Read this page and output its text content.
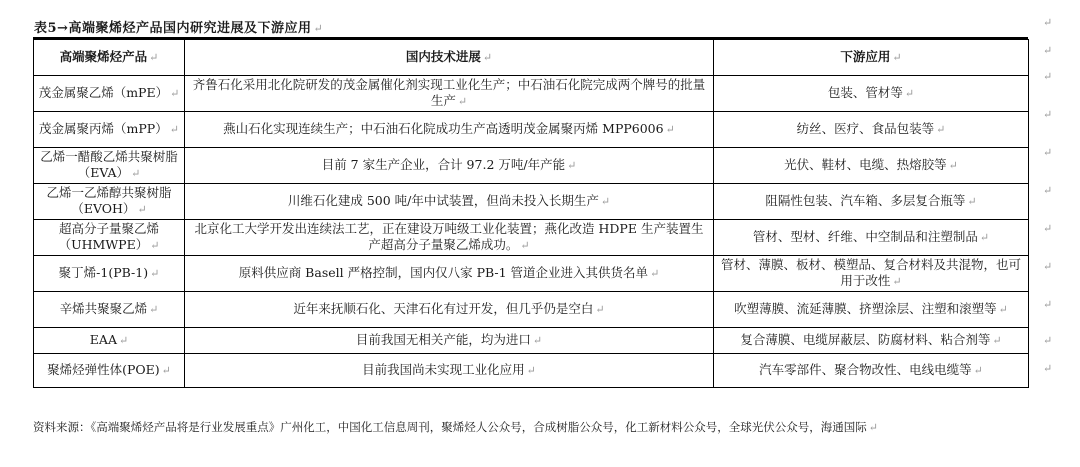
表5→高端聚烯烃产品国内研究进展及下游应用 ↵
高端聚烯烃产品 ↵	国内技术进展 ↵	下游应用 ↵
茂金属聚乙烯（mPE） ↵	齐鲁石化采用北化院研发的茂金属催化剂实现工业化生产；中石油石化院完成两个牌号的批量生产 ↵	包装、管材等 ↵
茂金属聚丙烯（mPP） ↵	燕山石化实现连续生产；中石油石化院成功生产高透明茂金属聚丙烯 MPP6006 ↵	纺丝、医疗、食品包装等 ↵
乙烯一醋酸乙烯共聚树脂（EVA） ↵	目前 7 家生产企业，合计 97.2 万吨/年产能 ↵	光伏、鞋材、电缆、热熔胶等 ↵
乙烯一乙烯醇共聚树脂（EVOH） ↵	川维石化建成 500 吨/年中试装置，但尚未投入长期生产 ↵	阻隔性包装、汽车箱、多层复合瓶等 ↵
超高分子量聚乙烯（UHMWPE） ↵	北京化工大学开发出连续法工艺，正在建设万吨级工业化装置；燕化改造 HDPE 生产装置生产超高分子量聚乙烯成功。 ↵	管材、型材、纤维、中空制品和注塑制品 ↵
聚丁烯-1(PB-1) ↵	原料供应商 Basell 严格控制，国内仅八家 PB-1 管道企业进入其供货名单 ↵	管材、薄膜、板材、模塑品、复合材料及共混物，也可用于改性 ↵
辛烯共聚聚乙烯 ↵	近年来抚顺石化、天津石化有过开发，但几乎仍是空白 ↵	吹塑薄膜、流延薄膜、挤塑涂层、注塑和滚塑等 ↵
EAA ↵	目前我国无相关产能，均为进口 ↵	复合薄膜、电缆屏蔽层、防腐材料、粘合剂等 ↵
聚烯烃弹性体(POE) ↵	目前我国尚未实现工业化应用 ↵	汽车零部件、聚合物改性、电线电缆等 ↵
↵
↵
↵
↵
↵
↵
↵
↵
↵
↵
↵
资料来源：《高端聚烯烃产品将是行业发展重点》广州化工，中国化工信息周刊，聚烯烃人公众号，合成树脂公众号，化工新材料公众号，全球光伏公众号，海通国际 ↵
